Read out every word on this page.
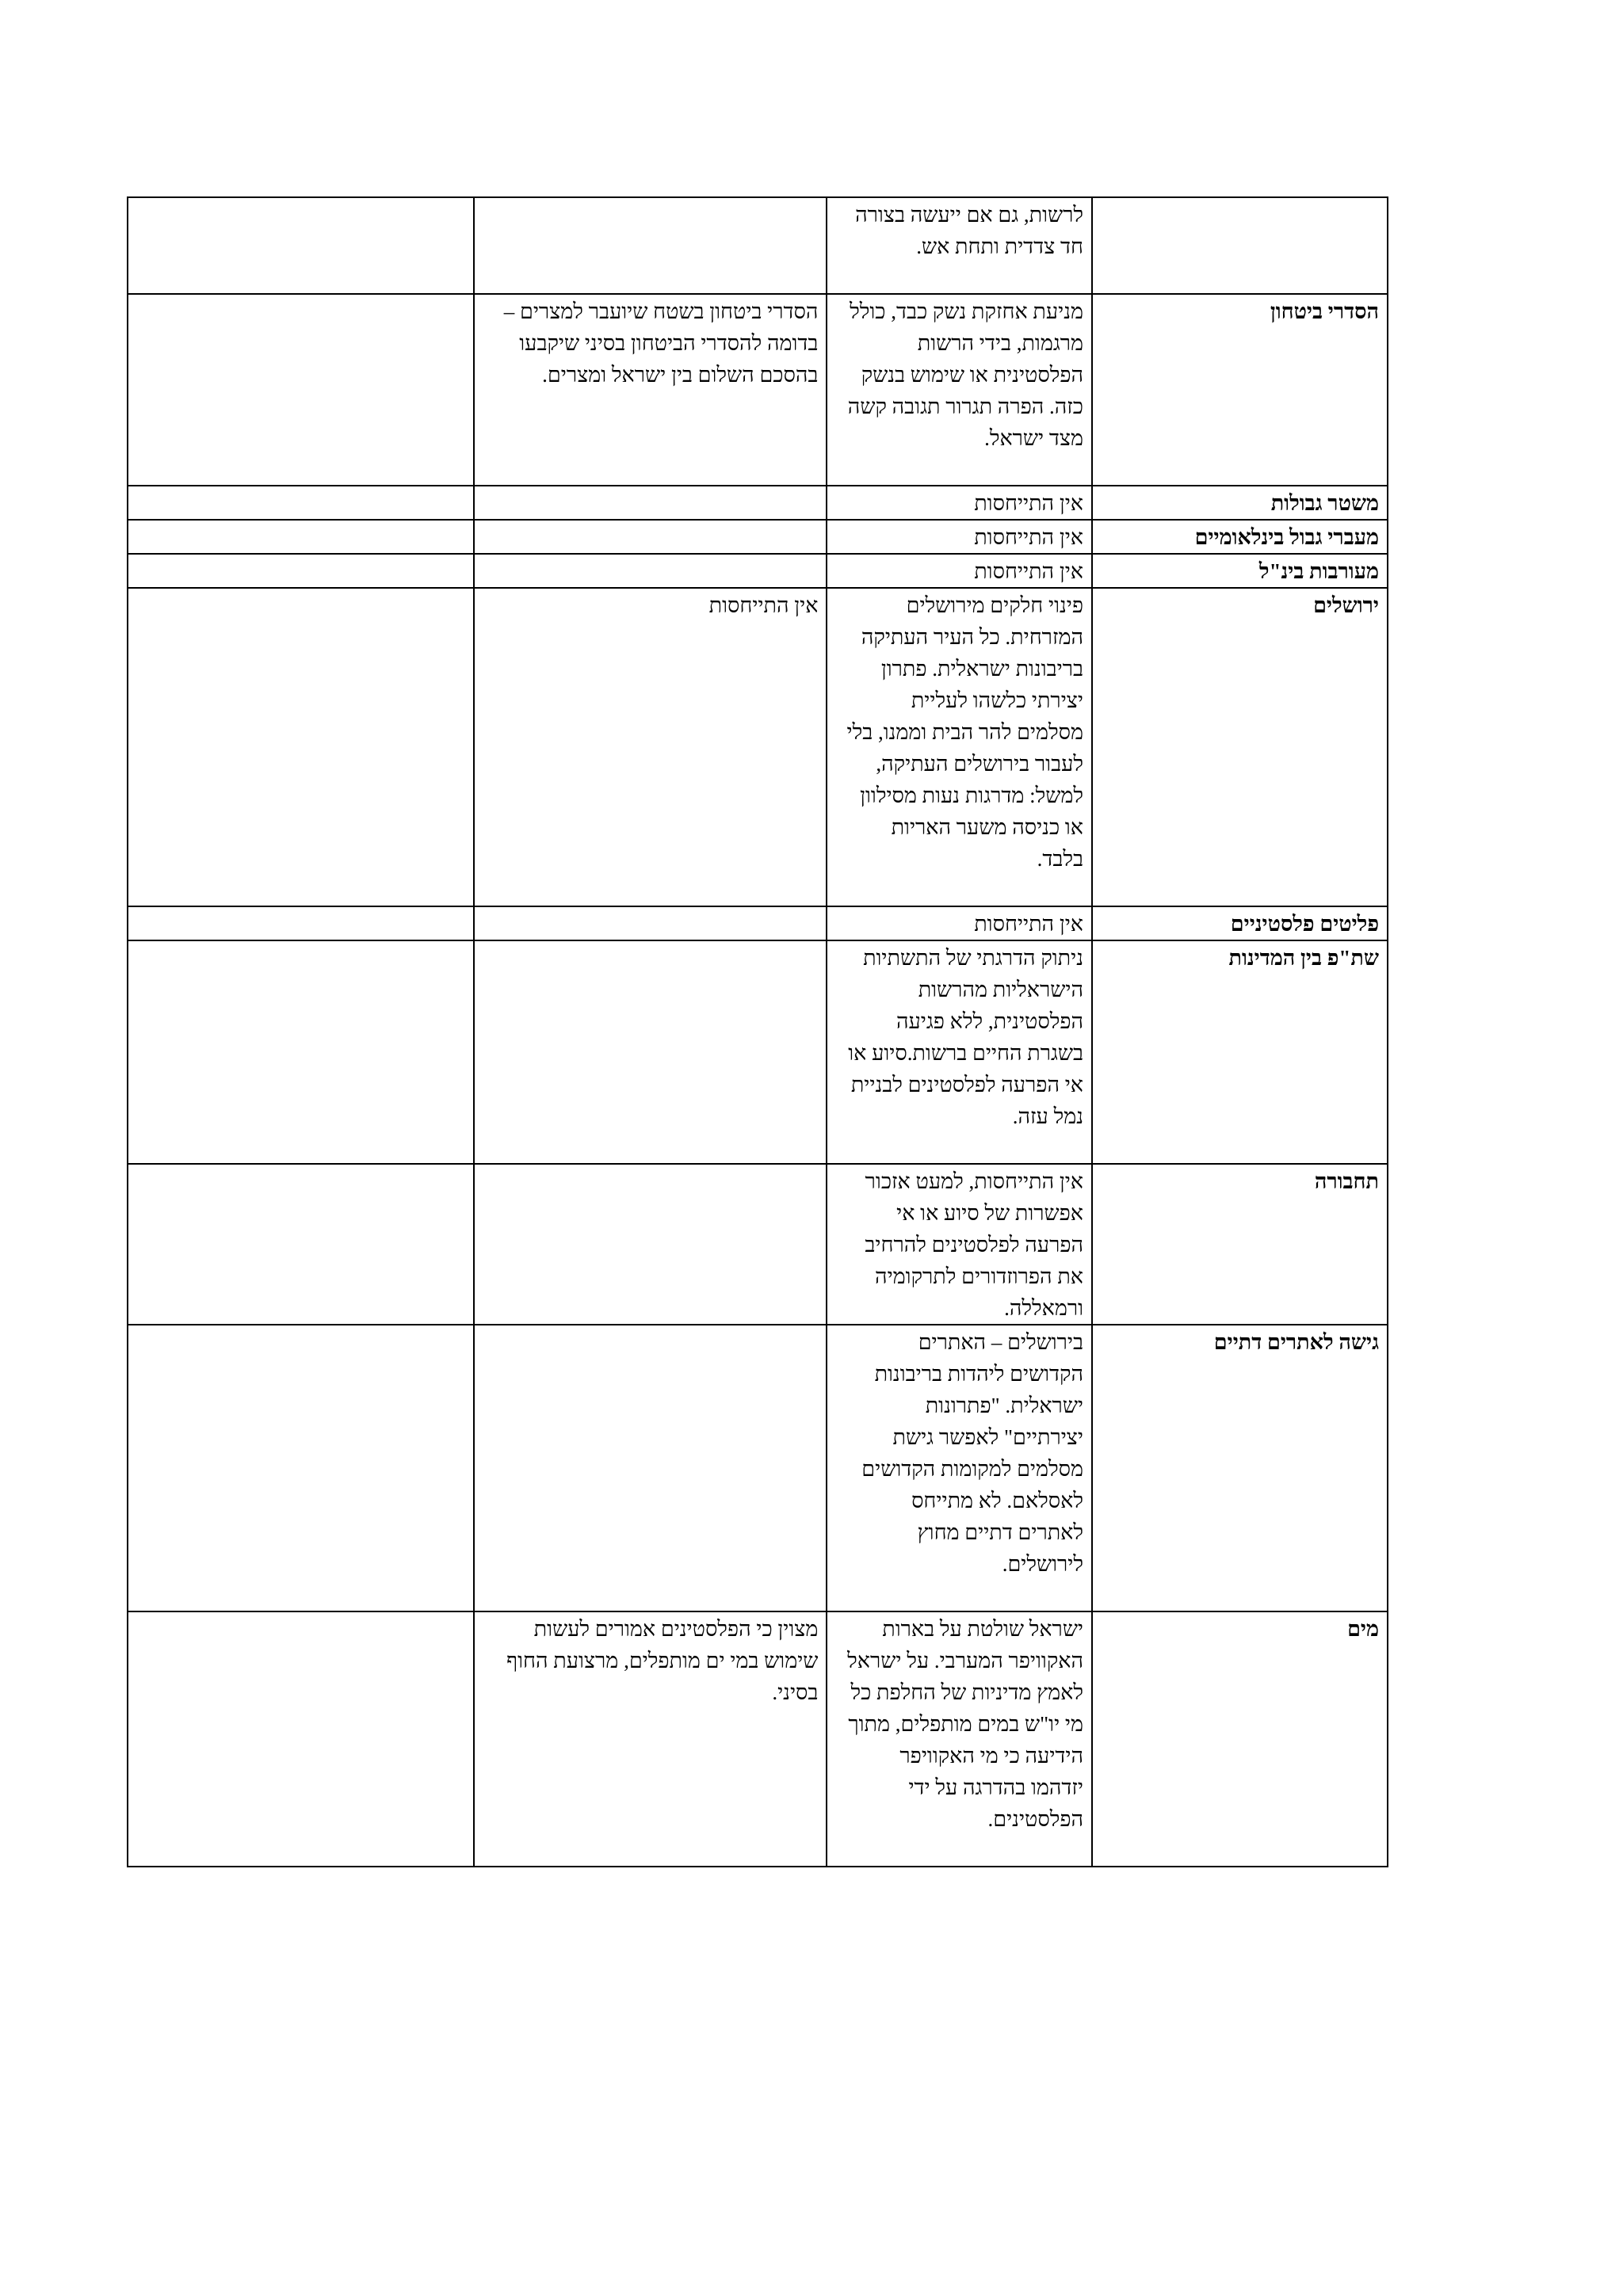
	לרשות, גם אם ייעשה בצורה חד צדדית ותחת אש.		

הסדרי ביטחון	מניעת אחזקת נשק כבד, כולל מרגמות, בידי הרשות הפלסטינית או שימוש בנשק כזה. הפרה תגרור תגובה קשה מצד ישראל.	הסדרי ביטחון בשטח שיועבר למצרים – בדומה להסדרי הביטחון בסיני שיקבעו בהסכם השלום בין ישראל ומצרים.	

משטר גבולות	אין התייחסות		

מעברי גבול בינלאומיים	אין התייחסות		

מעורבות בינ"ל	אין התייחסות		

ירושלים	פינוי חלקים מירושלים המזרחית. כל העיר העתיקה בריבונות ישראלית. פתרון יצירתי כלשהו לעליית מסלמים להר הבית וממנו, בלי לעבור בירושלים העתיקה, למשל: מדרגות נעות מסילוון או כניסה משער האריות בלבד.	אין התייחסות	

פליטים פלסטיניים	אין התייחסות		

שת"פ בין המדינות	ניתוק הדרגתי של התשתיות הישראליות מהרשות הפלסטינית, ללא פגיעה בשגרת החיים ברשות.סיוע או אי הפרעה לפלסטינים לבניית נמל עזה.		

תחבורה	אין התייחסות, למעט אזכור אפשרות של סיוע או אי הפרעה לפלסטינים להרחיב את הפרוזדורים לתרקומיה ורמאללה.		

גישה לאתרים דתיים	בירושלים – האתרים הקדושים ליהדות בריבונות ישראלית. "פתרונות יצירתיים" לאפשר גישת מסלמים למקומות הקדושים לאסלאם. לא מתייחס לאתרים דתיים מחוץ לירושלים.		

מים	ישראל שולטת על בארות האקוויפר המערבי. על ישראל לאמץ מדיניות של החלפת כל מי יו"ש במים מותפלים, מתוך הידיעה כי מי האקוויפר יזדהמו בהדרגה על ידי הפלסטינים.	מצוין כי הפלסטינים אמורים לעשות שימוש במי ים מותפלים, מרצועת החוף בסיני.	
